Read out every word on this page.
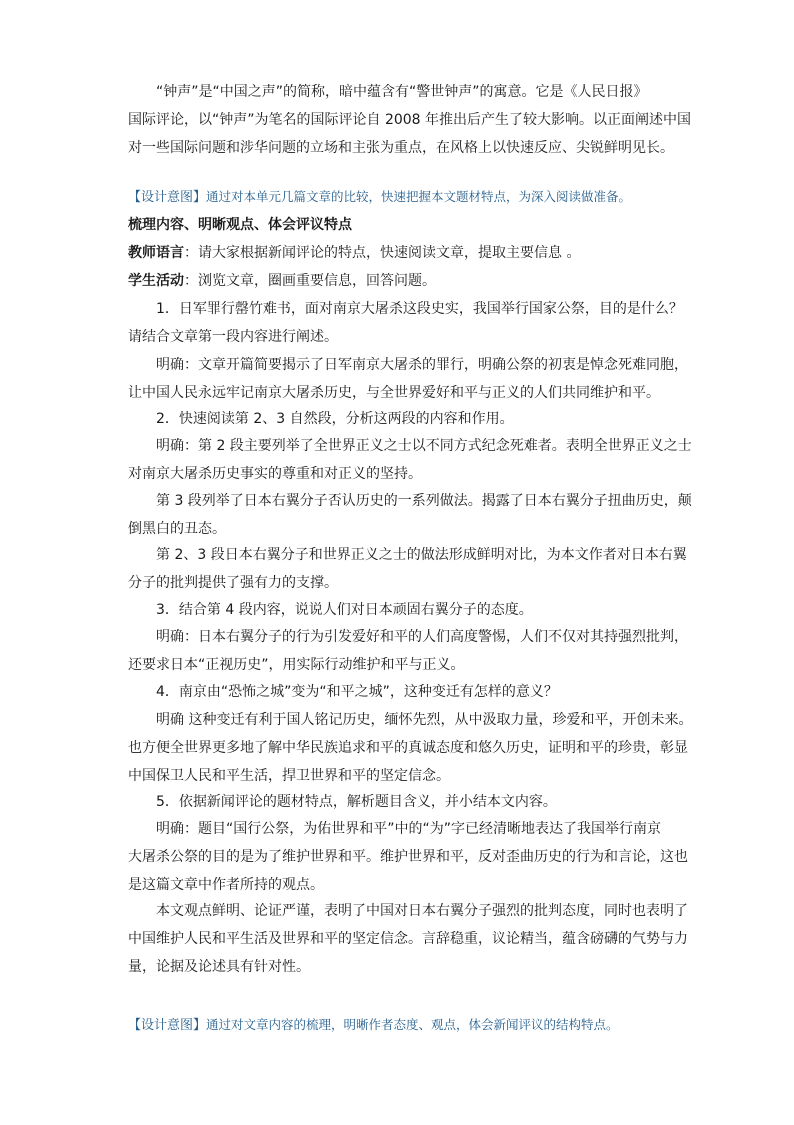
“钟声”是“中国之声”的简称，暗中蕴含有“警世钟声”的寓意。它是《人民日报》
国际评论，以“钟声”为笔名的国际评论自 2008 年推出后产生了较大影响。以正面阐述中国
对一些国际问题和涉华问题的立场和主张为重点，在风格上以快速反应、尖锐鲜明见长。
【设计意图】通过对本单元几篇文章的比较，快速把握本文题材特点，为深入阅读做准备。
梳理内容、明晰观点、体会评议特点
教师语言：请大家根据新闻评论的特点，快速阅读文章，提取主要信息 。
学生活动：浏览文章，圈画重要信息，回答问题。
1．日军罪行罄竹难书，面对南京大屠杀这段史实，我国举行国家公祭，目的是什么？
请结合文章第一段内容进行阐述。
明确：文章开篇简要揭示了日军南京大屠杀的罪行，明确公祭的初衷是悼念死难同胞，
让中国人民永远牢记南京大屠杀历史，与全世界爱好和平与正义的人们共同维护和平。
2．快速阅读第 2、3 自然段，分析这两段的内容和作用。
明确：第 2 段主要列举了全世界正义之士以不同方式纪念死难者。表明全世界正义之士
对南京大屠杀历史事实的尊重和对正义的坚持。
第 3 段列举了日本右翼分子否认历史的一系列做法。揭露了日本右翼分子扭曲历史，颠
倒黑白的丑态。
第 2、3 段日本右翼分子和世界正义之士的做法形成鲜明对比，为本文作者对日本右翼
分子的批判提供了强有力的支撑。
3．结合第 4 段内容，说说人们对日本顽固右翼分子的态度。
明确：日本右翼分子的行为引发爱好和平的人们高度警惕，人们不仅对其持强烈批判，
还要求日本“正视历史”，用实际行动维护和平与正义。
4．南京由“恐怖之城”变为“和平之城”，这种变迁有怎样的意义？
明确 这种变迁有利于国人铭记历史，缅怀先烈，从中汲取力量，珍爱和平，开创未来。
也方便全世界更多地了解中华民族追求和平的真诚态度和悠久历史，证明和平的珍贵，彰显
中国保卫人民和平生活，捍卫世界和平的坚定信念。
5．依据新闻评论的题材特点，解析题目含义，并小结本文内容。
明确：题目“国行公祭，为佑世界和平”中的“为”字已经清晰地表达了我国举行南京
大屠杀公祭的目的是为了维护世界和平。维护世界和平，反对歪曲历史的行为和言论，这也
是这篇文章中作者所持的观点。
本文观点鲜明、论证严谨，表明了中国对日本右翼分子强烈的批判态度，同时也表明了
中国维护人民和平生活及世界和平的坚定信念。言辞稳重，议论精当，蕴含磅礴的气势与力
量，论据及论述具有针对性。
【设计意图】通过对文章内容的梳理，明晰作者态度、观点，体会新闻评议的结构特点。
